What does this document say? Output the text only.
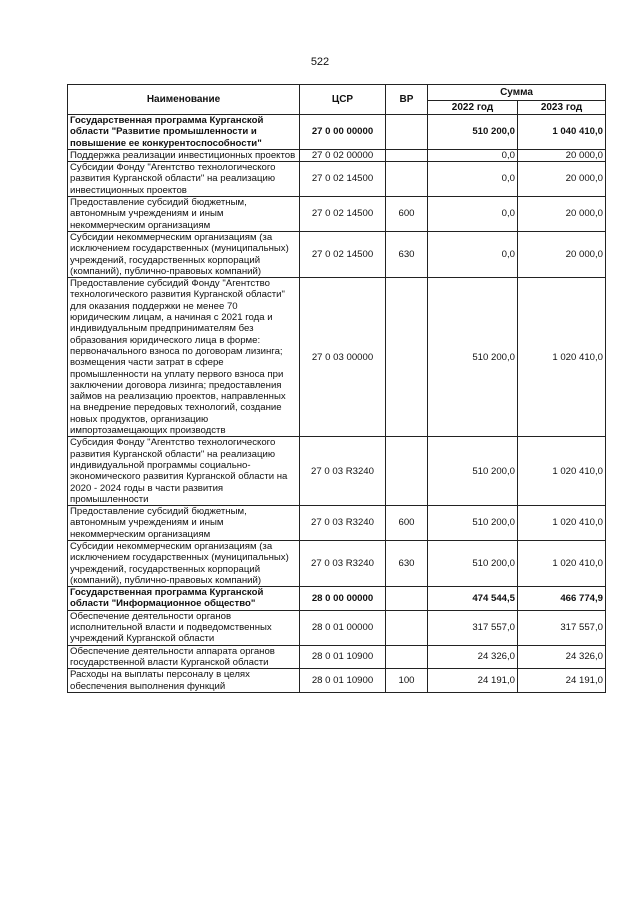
522
Наименование	ЦСР	ВР	Сумма	
			2022 год	2023 год
Государственная программа Курганской области "Развитие промышленности и повышение ее конкурентоспособности"	27 0 00 00000		510 200,0	1 040 410,0
Поддержка реализации инвестиционных проектов	27 0 02 00000		0,0	20 000,0
Субсидии Фонду "Агентство технологического развития Курганской области" на реализацию инвестиционных проектов	27 0 02 14500		0,0	20 000,0
Предоставление субсидий бюджетным, автономным учреждениям и иным некоммерческим организациям	27 0 02 14500	600	0,0	20 000,0
Субсидии некоммерческим организациям (за исключением государственных (муниципальных) учреждений, государственных корпораций (компаний), публично-правовых компаний)	27 0 02 14500	630	0,0	20 000,0
Предоставление субсидий Фонду "Агентство технологического развития Курганской области" для оказания поддержки не менее 70 юридическим лицам, а начиная с 2021 года и индивидуальным предпринимателям без образования юридического лица в форме: первоначального взноса по договорам лизинга; возмещения части затрат в сфере промышленности на уплату первого взноса при заключении договора лизинга; предоставления займов на реализацию проектов, направленных на внедрение передовых технологий, создание новых продуктов, организацию импортозамещающих производств	27 0 03 00000		510 200,0	1 020 410,0
Субсидия Фонду "Агентство технологического развития Курганской области" на реализацию индивидуальной программы социально-экономического развития Курганской области на 2020 - 2024 годы в части развития промышленности	27 0 03 R3240		510 200,0	1 020 410,0
Предоставление субсидий бюджетным, автономным учреждениям и иным некоммерческим организациям	27 0 03 R3240	600	510 200,0	1 020 410,0
Субсидии некоммерческим организациям (за исключением государственных (муниципальных) учреждений, государственных корпораций (компаний), публично-правовых компаний)	27 0 03 R3240	630	510 200,0	1 020 410,0
Государственная программа Курганской области "Информационное общество"	28 0 00 00000		474 544,5	466 774,9
Обеспечение деятельности органов исполнительной власти и подведомственных учреждений Курганской области	28 0 01 00000		317 557,0	317 557,0
Обеспечение деятельности аппарата органов государственной власти Курганской области	28 0 01 10900		24 326,0	24 326,0
Расходы на выплаты персоналу в целях обеспечения выполнения функций	28 0 01 10900	100	24 191,0	24 191,0
